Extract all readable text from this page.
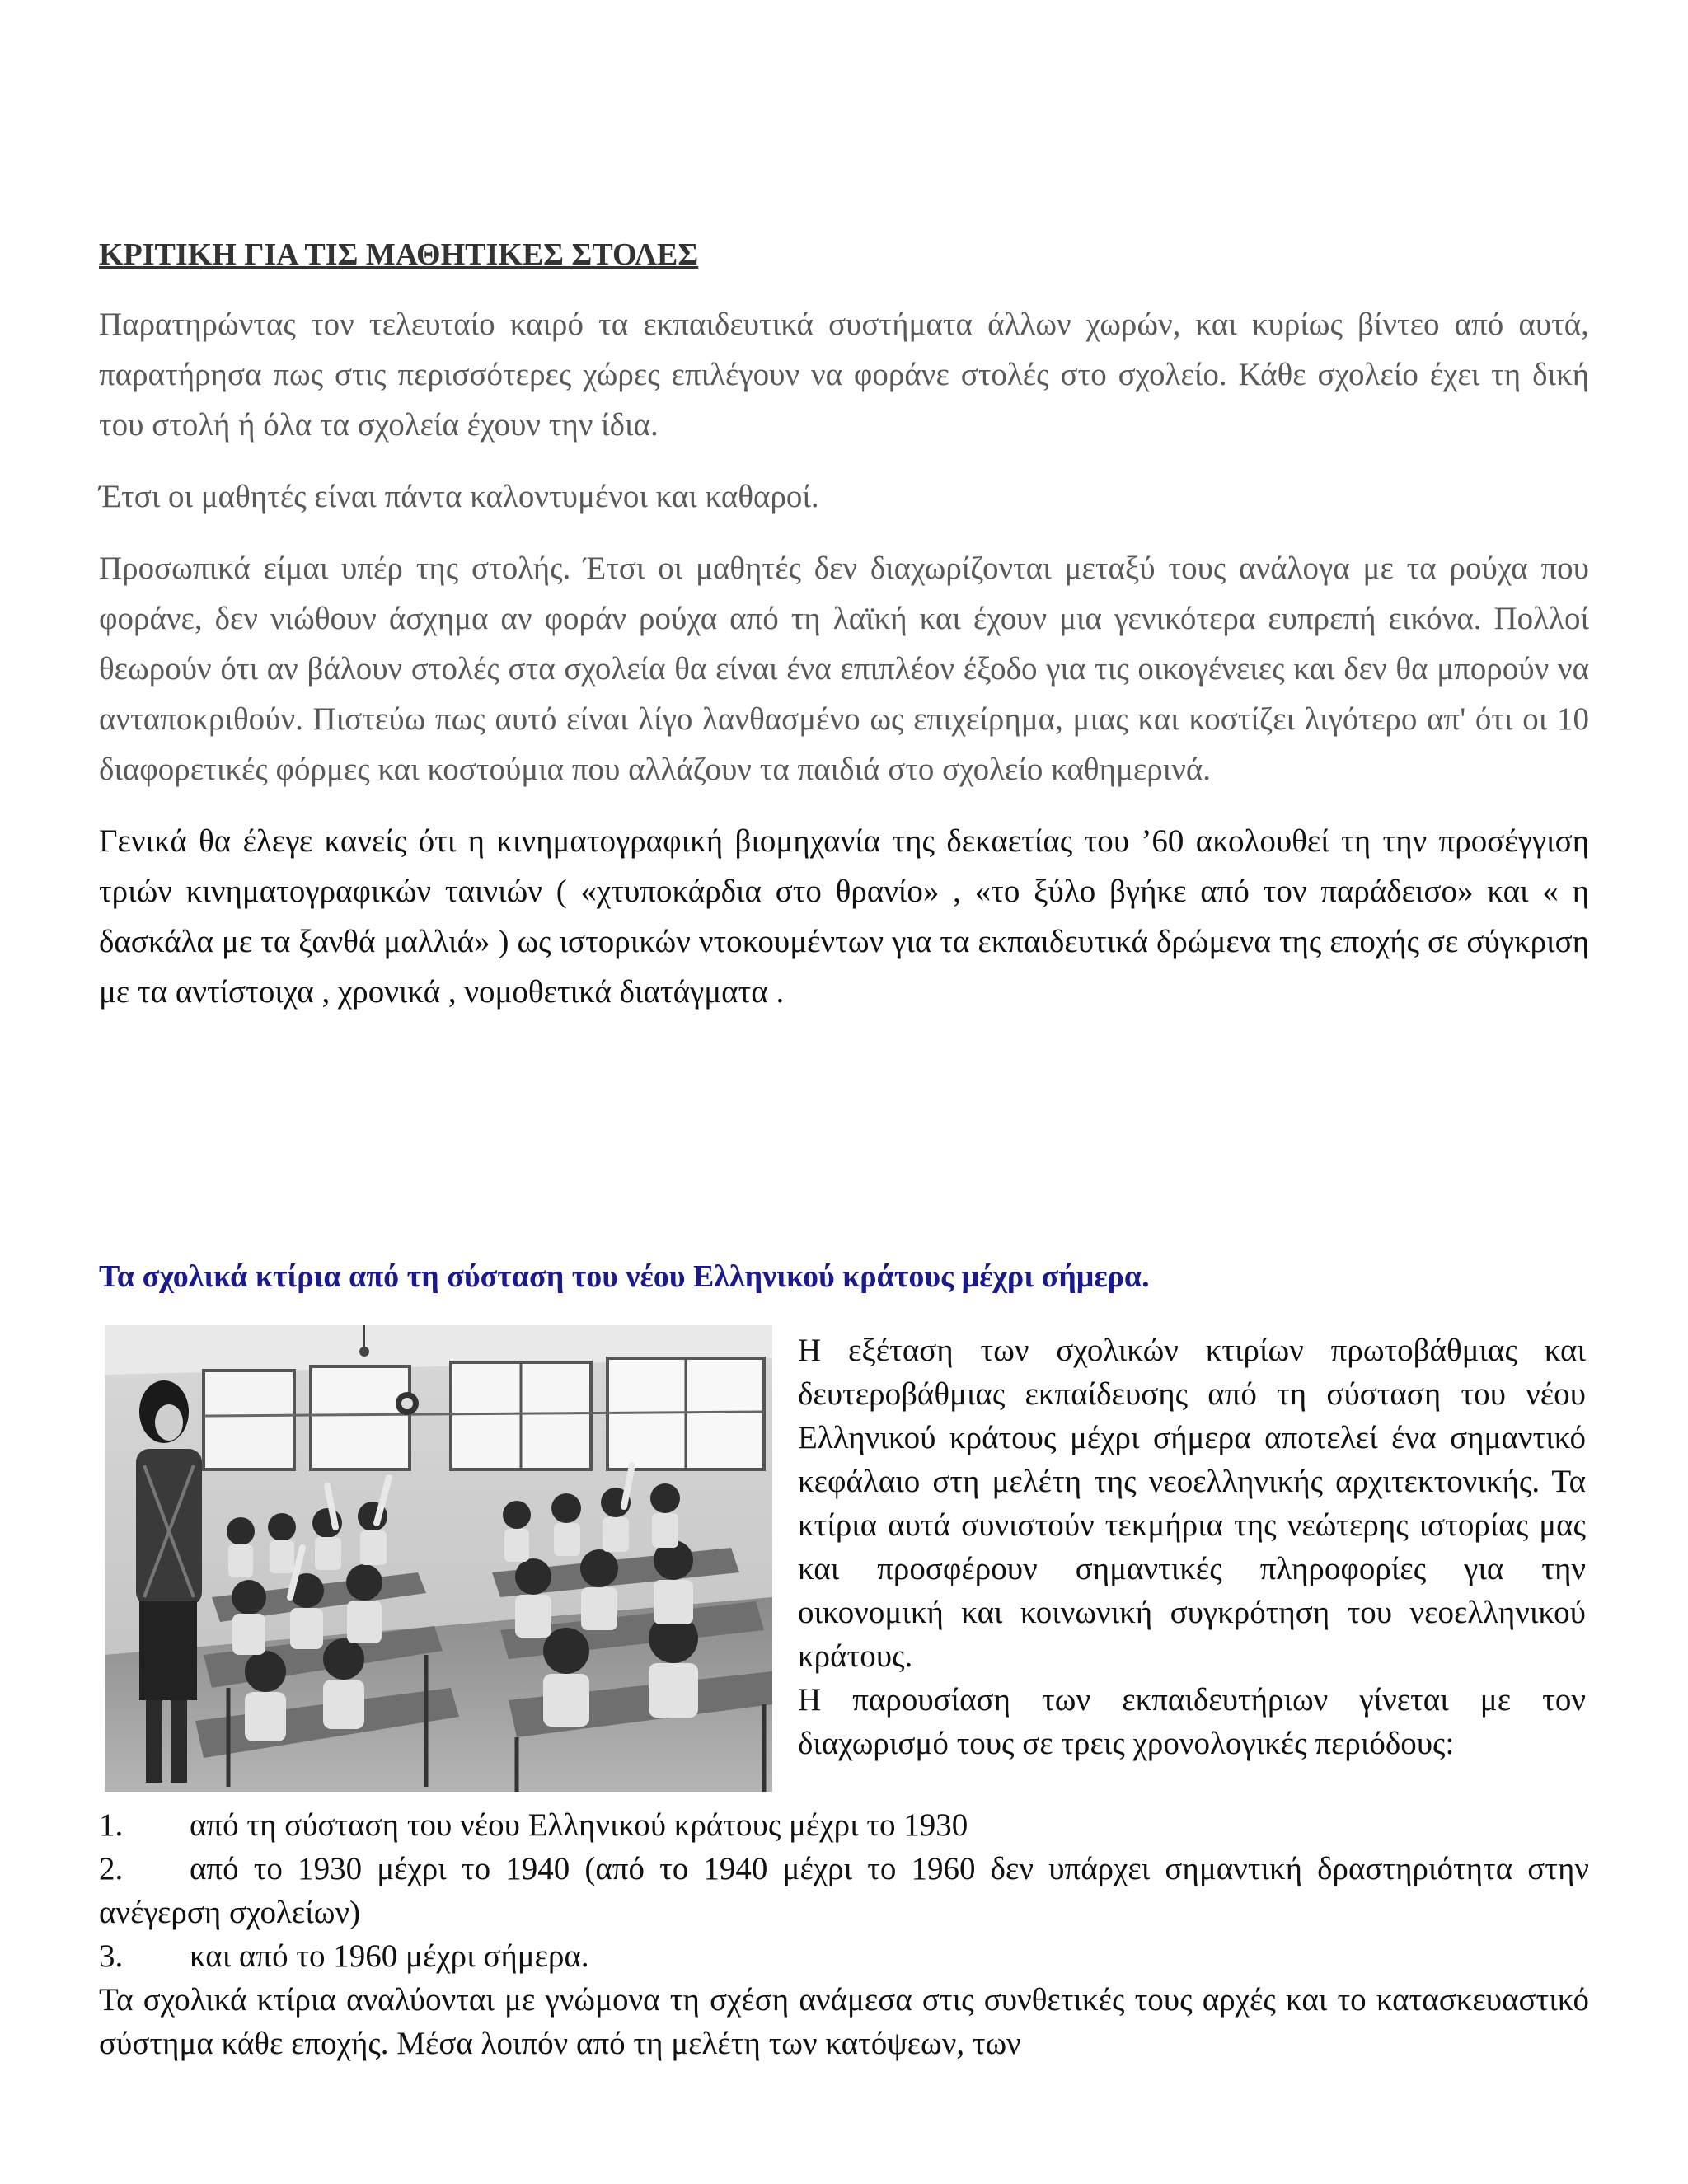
ΚΡΙΤΙΚΗ ΓΙΑ ΤΙΣ ΜΑΘΗΤΙΚΕΣ ΣΤΟΛΕΣ

Παρατηρώντας τον τελευταίο καιρό τα εκπαιδευτικά συστήματα άλλων χωρών, και κυρίως βίντεο από αυτά, παρατήρησα πως στις περισσότερες χώρες επιλέγουν να φοράνε στολές στο σχολείο. Κάθε σχολείο έχει τη δική του στολή ή όλα τα σχολεία έχουν την ίδια.

Έτσι οι μαθητές είναι πάντα καλοντυμένοι και καθαροί.

Προσωπικά είμαι υπέρ της στολής. Έτσι οι μαθητές δεν διαχωρίζονται μεταξύ τους ανάλογα με τα ρούχα που φοράνε, δεν νιώθουν άσχημα αν φοράν ρούχα από τη λαϊκή και έχουν μια γενικότερα ευπρεπή εικόνα. Πολλοί θεωρούν ότι αν βάλουν στολές στα σχολεία θα είναι ένα επιπλέον έξοδο για τις οικογένειες και δεν θα μπορούν να ανταποκριθούν. Πιστεύω πως αυτό είναι λίγο λανθασμένο ως επιχείρημα, μιας και κοστίζει λιγότερο απ' ότι οι 10 διαφορετικές φόρμες και κοστούμια που αλλάζουν τα παιδιά στο σχολείο καθημερινά.

Γενικά θα έλεγε κανείς ότι η κινηματογραφική βιομηχανία της δεκαετίας του ’60 ακολουθεί τη την προσέγγιση τριών κινηματογραφικών ταινιών ( «χτυποκάρδια στο θρανίο» , «το ξύλο βγήκε από τον παράδεισο» και « η δασκάλα με τα ξανθά μαλλιά» ) ως ιστορικών ντοκουμέντων για τα εκπαιδευτικά δρώμενα της εποχής σε σύγκριση με τα αντίστοιχα , χρονικά , νομοθετικά διατάγματα .

Τα σχολικά κτίρια από τη σύσταση του νέου Ελληνικού κράτους μέχρι σήμερα.

Η εξέταση των σχολικών κτιρίων πρωτοβάθμιας και δευτεροβάθμιας εκπαίδευσης από τη σύσταση του νέου Ελληνικού κράτους μέχρι σήμερα αποτελεί ένα σημαντικό κεφάλαιο στη μελέτη της νεοελληνικής αρχιτεκτονικής. Τα κτίρια αυτά συνιστούν τεκμήρια της νεώτερης ιστορίας μας και προσφέρουν σημαντικές πληροφορίες για την οικονομική και κοινωνική συγκρότηση του νεοελληνικού κράτους.

Η παρουσίαση των εκπαιδευτήριων γίνεται με τον διαχωρισμό τους σε τρεις χρονολογικές περιόδους:

1. από τη σύσταση του νέου Ελληνικού κράτους μέχρι το 1930

2. από το 1930 μέχρι το 1940 (από το 1940 μέχρι το 1960 δεν υπάρχει σημαντική δραστηριότητα στην ανέγερση σχολείων)

3. και από το 1960 μέχρι σήμερα.

Τα σχολικά κτίρια αναλύονται με γνώμονα τη σχέση ανάμεσα στις συνθετικές τους αρχές και το κατασκευαστικό σύστημα κάθε εποχής. Μέσα λοιπόν από τη μελέτη των κατόψεων, των
